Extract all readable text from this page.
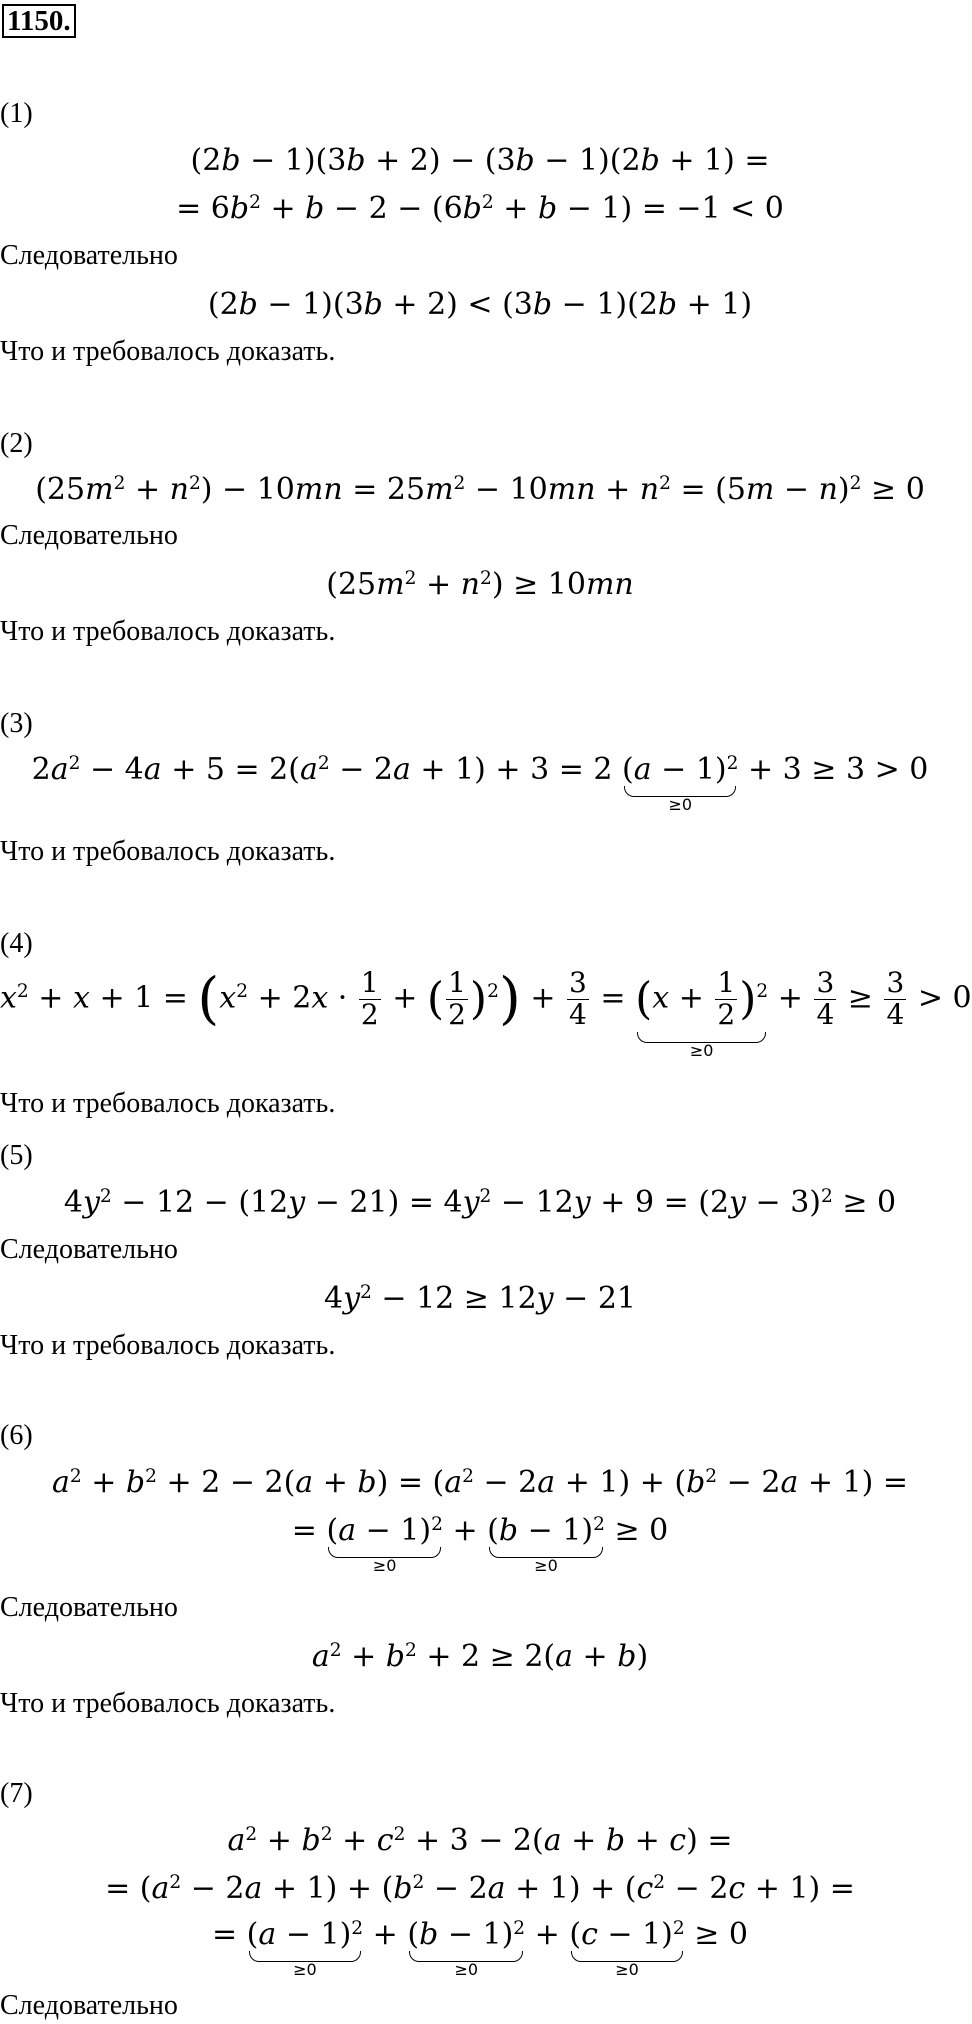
1150.
(1)
(2b − 1)(3b + 2) − (3b − 1)(2b + 1) =
= $6b^2 + b - 2 - (6b^2 + b - 1) = -1 < 0$
Следовательно
(2b − 1)(3b + 2) < (3b − 1)(2b + 1)
Что и требовалось доказать.
(2)
$(25m^2 + n^2) - 10mn = 25m^2 - 10mn + n^2 = (5m - n)^2 \ge 0$
Следовательно
$(25m^2 + n^2) \ge 10mn$
Что и требовалось доказать.
(3)
$2a^2 - 4a + 5 = 2(a^2 - 2a + 1) + 3 = 2$ $(a - 1)^2$
≥0
+ 3 ≥ 3 > 0
Что и требовалось доказать.
(4)
$x^2 + x + 1 = (x^2 + 2x \cdot \frac{1}{2}$ + ( $\frac{1}{2} )^2) + \frac{3}{4} = (x + \frac{1}{2} )^2$
≥0
+ $\frac{3}{4} \ge \frac{3}{4} > 0$
Что и требовалось доказать.
(5)
$4y^2 - 12 - (12y - 21) = 4y^2 - 12y + 9 = (2y - 3)^2 \ge 0$
Следовательно
$4y^2 - 12 \ge 12y - 21$
Что и требовалось доказать.
(6)
$a^2 + b^2 + 2 - 2(a + b) = (a^2 - 2a + 1) + (b^2 - 2a + 1)$ =
= $(a - 1)^2$
≥0
+ $(b - 1)^2$
≥0
≥ 0
Следовательно
$a^2 + b^2 + 2 \ge 2(a + b)$
Что и требовалось доказать.
(7)
$a^2 + b^2 + c^2 + 3 - 2(a + b + c)$ =
= $(a^2 - 2a + 1) + (b^2 - 2a + 1) + (c^2 - 2c + 1)$ =
= $(a - 1)^2$
≥0
+ $(b - 1)^2$
≥0
+ $(c - 1)^2$
≥0
≥ 0
Следовательно
